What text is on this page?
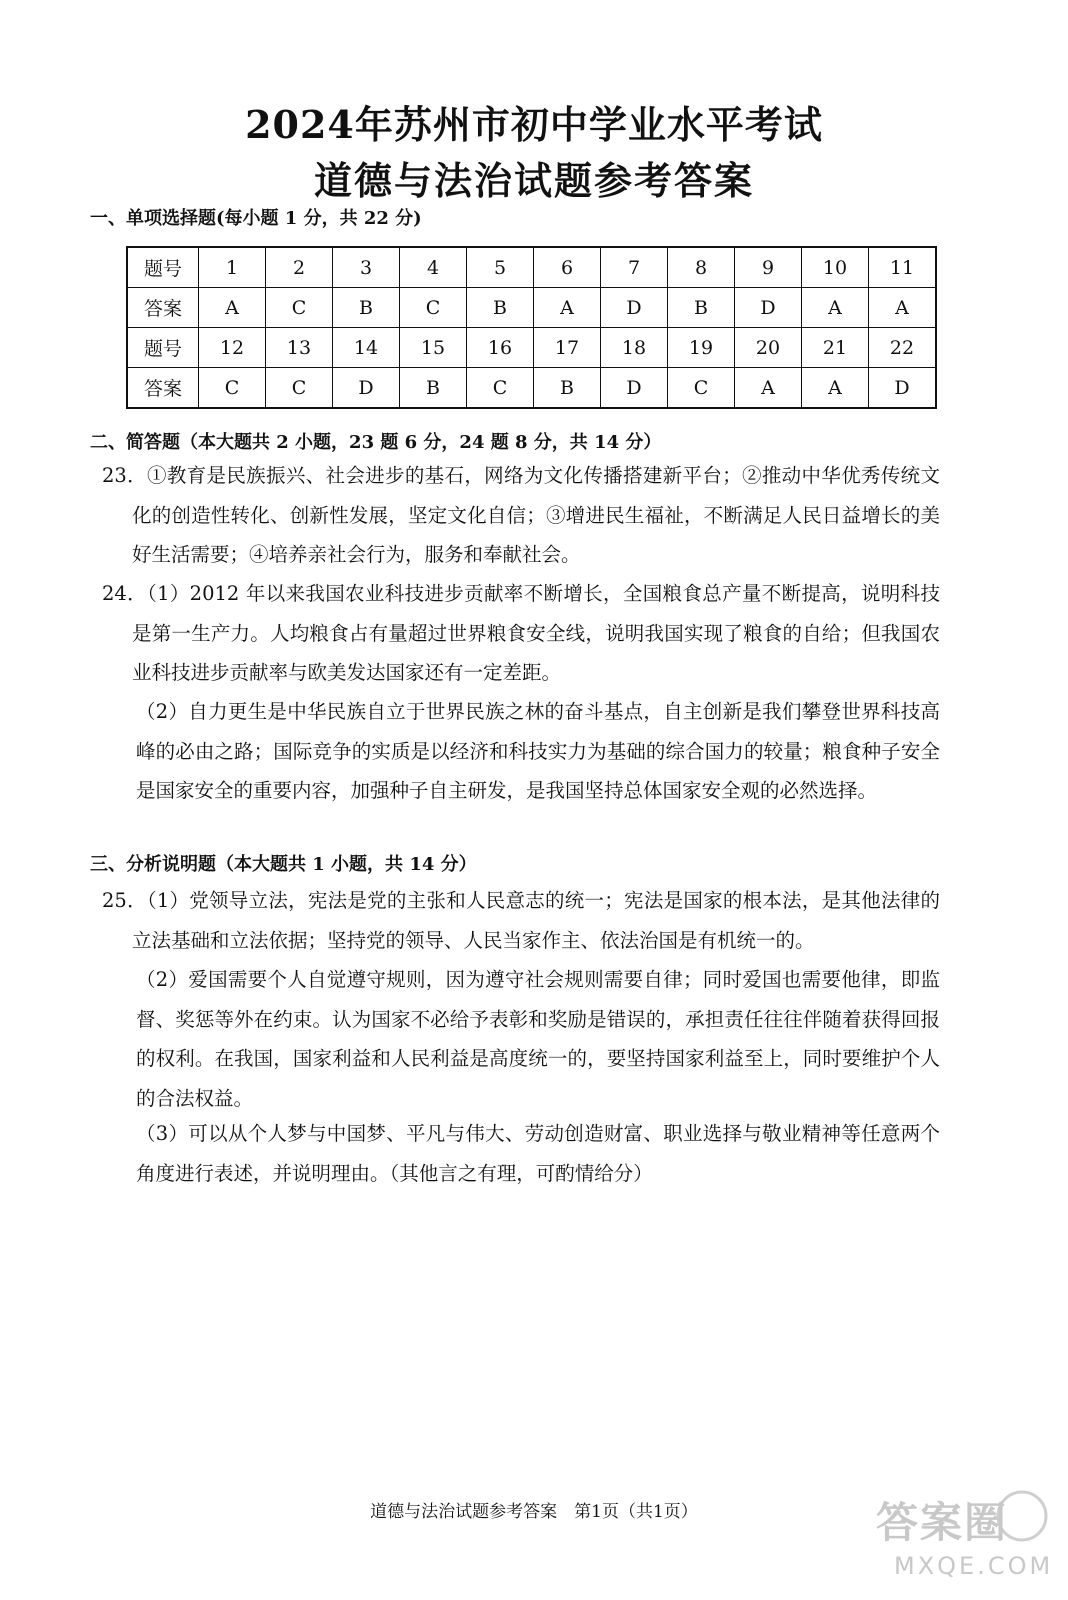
2024年苏州市初中学业水平考试
道德与法治试题参考答案
一、单项选择题(每小题 1 分，共 22 分)
题号	1	2	3	4	5	6	7	8	9	10	11
答案	A	C	B	C	B	A	D	B	D	A	A
题号	12	13	14	15	16	17	18	19	20	21	22
答案	C	C	D	B	C	B	D	C	A	A	D
二、简答题（本大题共 2 小题，23 题 6 分，24 题 8 分，共 14 分）
23．①教育是民族振兴、社会进步的基石，网络为文化传播搭建新平台；②推动中华优秀传统文化的创造性转化、创新性发展，坚定文化自信；③增进民生福祉，不断满足人民日益增长的美好生活需要；④培养亲社会行为，服务和奉献社会。
24．（1）2012 年以来我国农业科技进步贡献率不断增长，全国粮食总产量不断提高，说明科技是第一生产力。人均粮食占有量超过世界粮食安全线，说明我国实现了粮食的自给；但我国农业科技进步贡献率与欧美发达国家还有一定差距。
（2）自力更生是中华民族自立于世界民族之林的奋斗基点，自主创新是我们攀登世界科技高峰的必由之路；国际竞争的实质是以经济和科技实力为基础的综合国力的较量；粮食种子安全是国家安全的重要内容，加强种子自主研发，是我国坚持总体国家安全观的必然选择。
三、分析说明题（本大题共 1 小题，共 14 分）
25．（1）党领导立法，宪法是党的主张和人民意志的统一；宪法是国家的根本法，是其他法律的立法基础和立法依据；坚持党的领导、人民当家作主、依法治国是有机统一的。
（2）爱国需要个人自觉遵守规则，因为遵守社会规则需要自律；同时爱国也需要他律，即监督、奖惩等外在约束。认为国家不必给予表彰和奖励是错误的，承担责任往往伴随着获得回报的权利。在我国，国家利益和人民利益是高度统一的，要坚持国家利益至上，同时要维护个人的合法权益。
（3）可以从个人梦与中国梦、平凡与伟大、劳动创造财富、职业选择与敬业精神等任意两个角度进行表述，并说明理由。（其他言之有理，可酌情给分）
道德与法治试题参考答案　第1页（共1页）	答案圈
MXQE.COM
